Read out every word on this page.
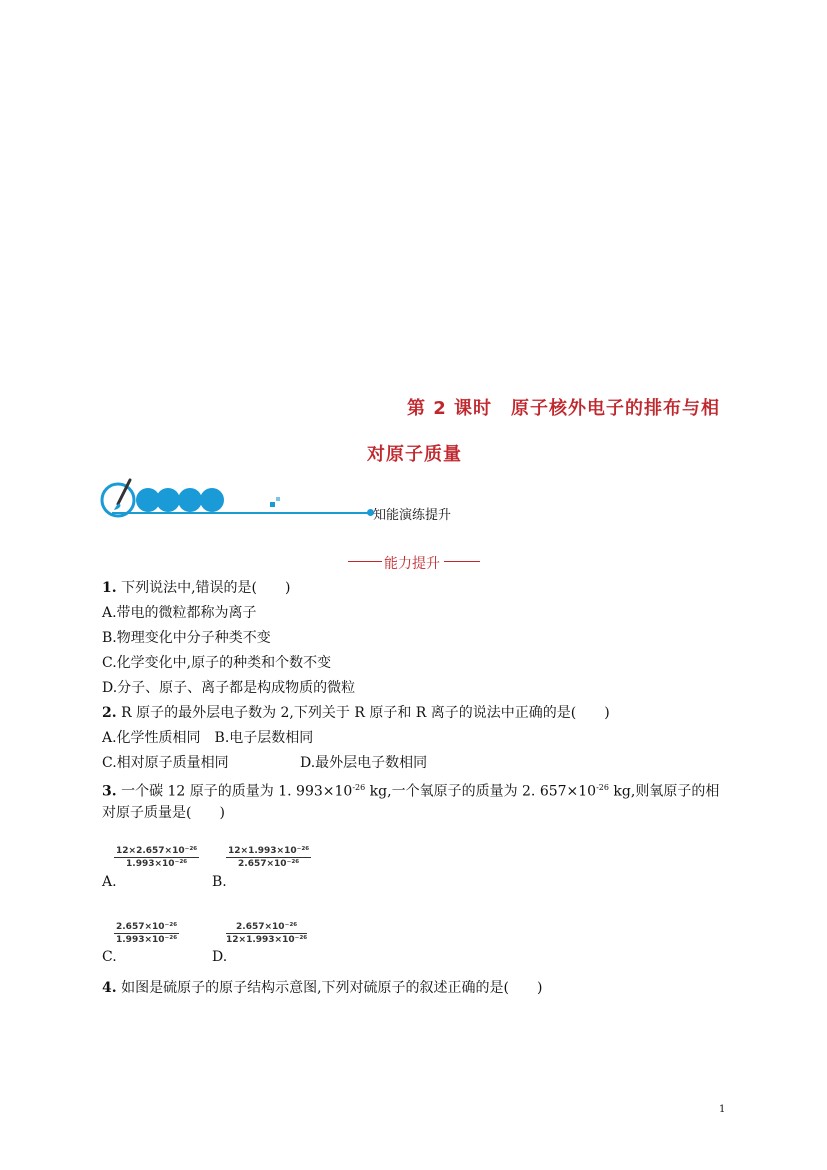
第 2 课时　原子核外电子的排布与相
对原子质量
知能演练提升
能力提升
1. 下列说法中,错误的是(　　)
A.带电的微粒都称为离子
B.物理变化中分子种类不变
C.化学变化中,原子的种类和个数不变
D.分子、原子、离子都是构成物质的微粒
2. R 原子的最外层电子数为 2,下列关于 R 原子和 R 离子的说法中正确的是(　　)
A.化学性质相同　B.电子层数相同
C.相对原子质量相同	D.最外层电子数相同
3. 一个碳 12 原子的质量为 1. $993\times 10^{-26}$ kg,一个氧原子的质量为 2. $657\times 10^{-26}$ kg,则氧原子的相
对原子质量是(　　)
$\frac{\text{12×2.657×10⁻²⁶}}{\text{1.993×10⁻²⁶}}$
A.
$\frac{\text{12×1.993×10⁻²⁶}}{\text{2.657×10⁻²⁶}}$
B.
$\frac{\text{2.657×10⁻²⁶}}{\text{1.993×10⁻²⁶}}$
C.
$\frac{\text{2.657×10⁻²⁶}}{\text{12×1.993×10⁻²⁶}}$
D.
4. 如图是硫原子的原子结构示意图,下列对硫原子的叙述正确的是(　　)
1
